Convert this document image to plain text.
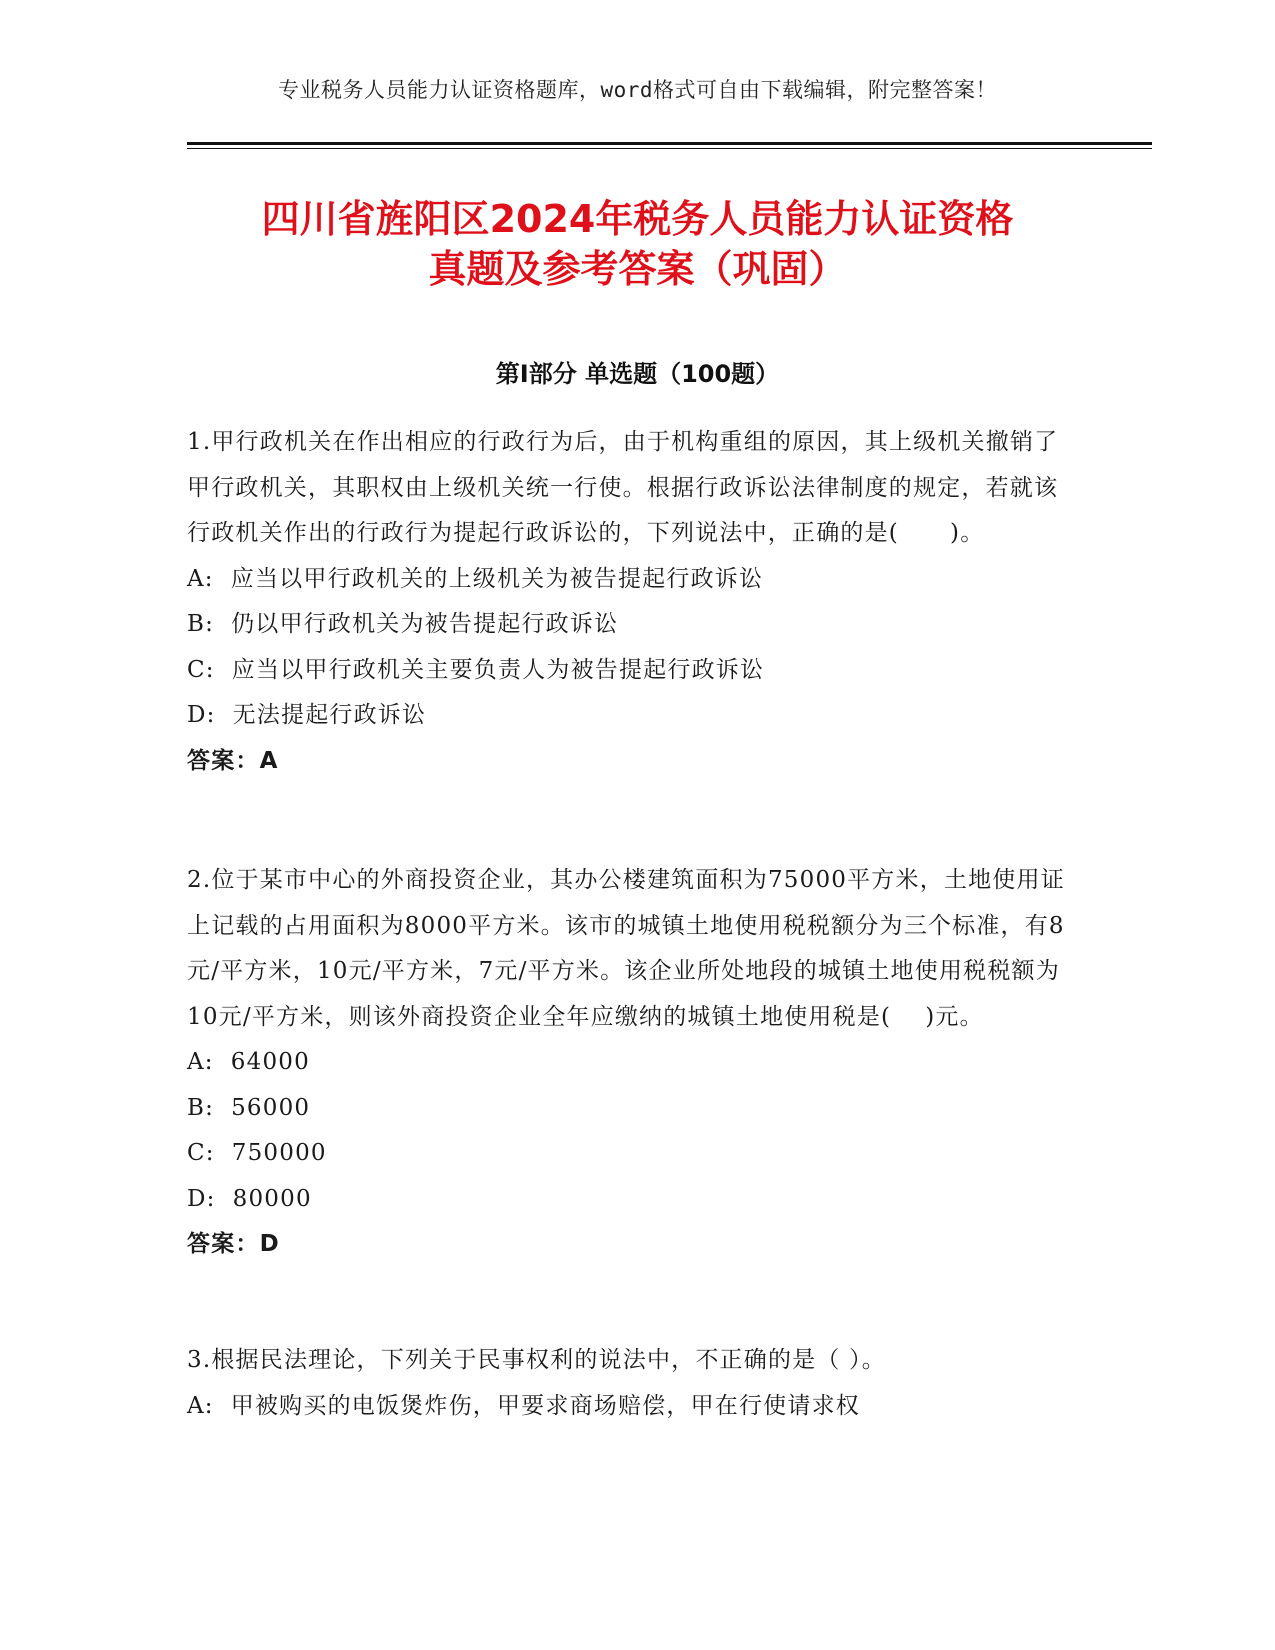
专业税务人员能力认证资格题库，word格式可自由下载编辑，附完整答案！
四川省旌阳区2024年税务人员能力认证资格
真题及参考答案（巩固）
第Ⅰ部分 单选题（100题）
1.甲行政机关在作出相应的行政行为后，由于机构重组的原因，其上级机关撤销了甲行政机关，其职权由上级机关统一行使。根据行政诉讼法律制度的规定，若就该行政机关作出的行政行为提起行政诉讼的，下列说法中，正确的是(      )。
A:  应当以甲行政机关的上级机关为被告提起行政诉讼
B:  仍以甲行政机关为被告提起行政诉讼
C:  应当以甲行政机关主要负责人为被告提起行政诉讼
D:  无法提起行政诉讼
答案：A
2.位于某市中心的外商投资企业，其办公楼建筑面积为75000平方米，土地使用证上记载的占用面积为8000平方米。该市的城镇土地使用税税额分为三个标准，有8元/平方米，10元/平方米，7元/平方米。该企业所处地段的城镇土地使用税税额为10元/平方米，则该外商投资企业全年应缴纳的城镇土地使用税是(    )元。
A:  64000
B:  56000
C:  750000
D:  80000
答案：D
3.根据民法理论，下列关于民事权利的说法中，不正确的是（ ）。
A:  甲被购买的电饭煲炸伤，甲要求商场赔偿，甲在行使请求权
